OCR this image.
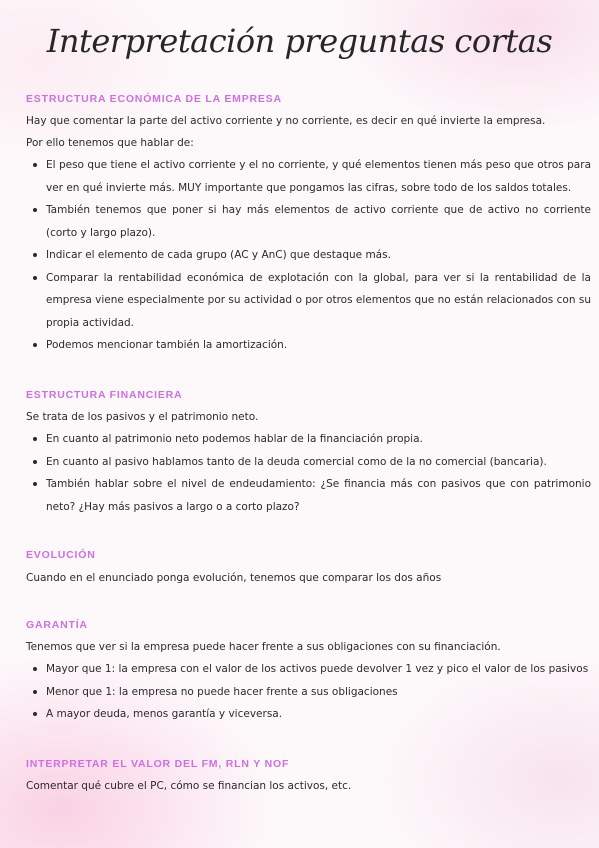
Interpretación preguntas cortas
ESTRUCTURA ECONÓMICA DE LA EMPRESA
Hay que comentar la parte del activo corriente y no corriente, es decir en qué invierte la empresa.
Por ello tenemos que hablar de:
El peso que tiene el activo corriente y el no corriente, y qué elementos tienen más peso que otros para ver en qué invierte más. MUY importante que pongamos las cifras, sobre todo de los saldos totales.
También tenemos que poner si hay más elementos de activo corriente que de activo no corriente (corto y largo plazo).
Indicar el elemento de cada grupo (AC y AnC) que destaque más.
Comparar la rentabilidad económica de explotación con la global, para ver si la rentabilidad de la empresa viene especialmente por su actividad o por otros elementos que no están relacionados con su propia actividad.
Podemos mencionar también la amortización.
ESTRUCTURA FINANCIERA
Se trata de los pasivos y el patrimonio neto.
En cuanto al patrimonio neto podemos hablar de la financiación propia.
En cuanto al pasivo hablamos tanto de la deuda comercial como de la no comercial (bancaria).
También hablar sobre el nivel de endeudamiento: ¿Se financia más con pasivos que con patrimonio neto? ¿Hay más pasivos a largo o a corto plazo?
EVOLUCIÓN
Cuando en el enunciado ponga evolución, tenemos que comparar los dos años
GARANTÍA
Tenemos que ver si la empresa puede hacer frente a sus obligaciones con su financiación.
Mayor que 1: la empresa con el valor de los activos puede devolver 1 vez y pico el valor de los pasivos
Menor que 1: la empresa no puede hacer frente a sus obligaciones
A mayor deuda, menos garantía y viceversa.
INTERPRETAR EL VALOR DEL FM, RLN Y NOF
Comentar qué cubre el PC, cómo se financian los activos, etc.
